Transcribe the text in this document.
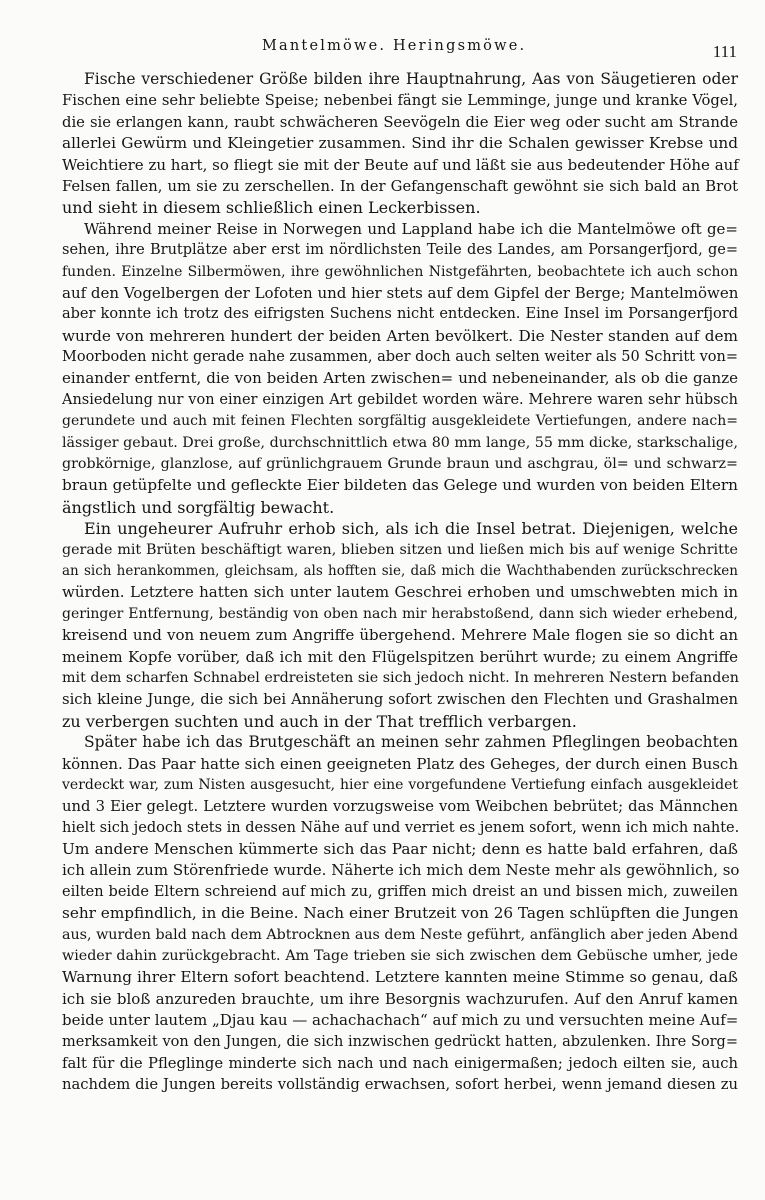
Mantelmöwe. Heringsmöwe.	111
Fische verschiedener Größe bilden ihre Hauptnahrung, Aas von Säugetieren oder
Fischen eine sehr beliebte Speise; nebenbei fängt sie Lemminge, junge und kranke Vögel,
die sie erlangen kann, raubt schwächeren Seevögeln die Eier weg oder sucht am Strande
allerlei Gewürm und Kleingetier zusammen. Sind ihr die Schalen gewisser Krebse und
Weichtiere zu hart, so fliegt sie mit der Beute auf und läßt sie aus bedeutender Höhe auf
Felsen fallen, um sie zu zerschellen. In der Gefangenschaft gewöhnt sie sich bald an Brot
und sieht in diesem schließlich einen Leckerbissen.
Während meiner Reise in Norwegen und Lappland habe ich die Mantelmöwe oft ge=
sehen, ihre Brutplätze aber erst im nördlichsten Teile des Landes, am Porsangerfjord, ge=
funden. Einzelne Silbermöwen, ihre gewöhnlichen Nistgefährten, beobachtete ich auch schon
auf den Vogelbergen der Lofoten und hier stets auf dem Gipfel der Berge; Mantelmöwen
aber konnte ich trotz des eifrigsten Suchens nicht entdecken. Eine Insel im Porsangerfjord
wurde von mehreren hundert der beiden Arten bevölkert. Die Nester standen auf dem
Moorboden nicht gerade nahe zusammen, aber doch auch selten weiter als 50 Schritt von=
einander entfernt, die von beiden Arten zwischen= und nebeneinander, als ob die ganze
Ansiedelung nur von einer einzigen Art gebildet worden wäre. Mehrere waren sehr hübsch
gerundete und auch mit feinen Flechten sorgfältig ausgekleidete Vertiefungen, andere nach=
lässiger gebaut. Drei große, durchschnittlich etwa 80 mm lange, 55 mm dicke, starkschalige,
grobkörnige, glanzlose, auf grünlichgrauem Grunde braun und aschgrau, öl= und schwarz=
braun getüpfelte und gefleckte Eier bildeten das Gelege und wurden von beiden Eltern
ängstlich und sorgfältig bewacht.
Ein ungeheurer Aufruhr erhob sich, als ich die Insel betrat. Diejenigen, welche
gerade mit Brüten beschäftigt waren, blieben sitzen und ließen mich bis auf wenige Schritte
an sich herankommen, gleichsam, als hofften sie, daß mich die Wachthabenden zurückschrecken
würden. Letztere hatten sich unter lautem Geschrei erhoben und umschwebten mich in
geringer Entfernung, beständig von oben nach mir herabstoßend, dann sich wieder erhebend,
kreisend und von neuem zum Angriffe übergehend. Mehrere Male flogen sie so dicht an
meinem Kopfe vorüber, daß ich mit den Flügelspitzen berührt wurde; zu einem Angriffe
mit dem scharfen Schnabel erdreisteten sie sich jedoch nicht. In mehreren Nestern befanden
sich kleine Junge, die sich bei Annäherung sofort zwischen den Flechten und Grashalmen
zu verbergen suchten und auch in der That trefflich verbargen.
Später habe ich das Brutgeschäft an meinen sehr zahmen Pfleglingen beobachten
können. Das Paar hatte sich einen geeigneten Platz des Geheges, der durch einen Busch
verdeckt war, zum Nisten ausgesucht, hier eine vorgefundene Vertiefung einfach ausgekleidet
und 3 Eier gelegt. Letztere wurden vorzugsweise vom Weibchen bebrütet; das Männchen
hielt sich jedoch stets in dessen Nähe auf und verriet es jenem sofort, wenn ich mich nahte.
Um andere Menschen kümmerte sich das Paar nicht; denn es hatte bald erfahren, daß
ich allein zum Störenfriede wurde. Näherte ich mich dem Neste mehr als gewöhnlich, so
eilten beide Eltern schreiend auf mich zu, griffen mich dreist an und bissen mich, zuweilen
sehr empfindlich, in die Beine. Nach einer Brutzeit von 26 Tagen schlüpften die Jungen
aus, wurden bald nach dem Abtrocknen aus dem Neste geführt, anfänglich aber jeden Abend
wieder dahin zurückgebracht. Am Tage trieben sie sich zwischen dem Gebüsche umher, jede
Warnung ihrer Eltern sofort beachtend. Letztere kannten meine Stimme so genau, daß
ich sie bloß anzureden brauchte, um ihre Besorgnis wachzurufen. Auf den Anruf kamen
beide unter lautem „Djau kau — achachachach“ auf mich zu und versuchten meine Auf=
merksamkeit von den Jungen, die sich inzwischen gedrückt hatten, abzulenken. Ihre Sorg=
falt für die Pfleglinge minderte sich nach und nach einigermaßen; jedoch eilten sie, auch
nachdem die Jungen bereits vollständig erwachsen, sofort herbei, wenn jemand diesen zu
